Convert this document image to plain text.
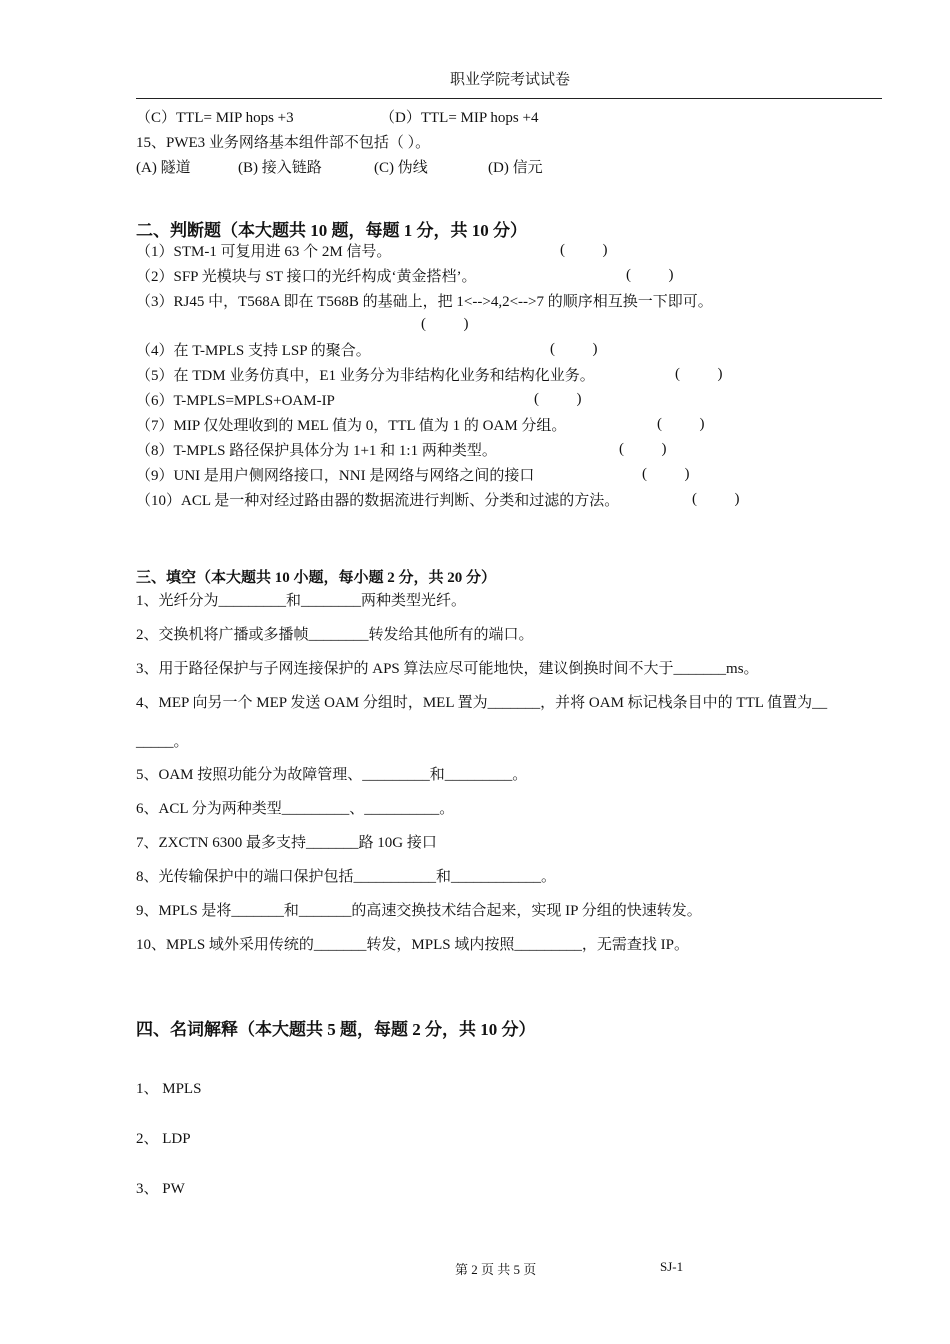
职业学院考试试卷
（C）TTL= MIP hops +3	（D）TTL= MIP hops +4
15、PWE3 业务网络基本组件部不包括（ ）。
(A) 隧道	(B) 接入链路	(C) 伪线	(D) 信元
二、判断题（本大题共 10 题，每题 1 分，共 10 分）
（1）STM-1 可复用进 63 个 2M 信号。	(          )
（2）SFP 光模块与 ST 接口的光纤构成‘黄金搭档’。	(          )
（3）RJ45 中，T568A 即在 T568B 的基础上，把 1<-->4,2<-->7 的顺序相互换一下即可。
(          )
（4）在 T-MPLS 支持 LSP 的聚合。	(          )
（5）在 TDM 业务仿真中，E1 业务分为非结构化业务和结构化业务。	(          )
（6）T-MPLS=MPLS+OAM-IP	(          )
（7）MIP 仅处理收到的 MEL 值为 0，TTL 值为 1 的 OAM 分组。	(          )
（8）T-MPLS 路径保护具体分为 1+1 和 1:1 两种类型。	(          )
（9）UNI 是用户侧网络接口，NNI 是网络与网络之间的接口	(          )
（10）ACL 是一种对经过路由器的数据流进行判断、分类和过滤的方法。	(          )
三、填空（本大题共 10 小题，每小题 2 分，共 20 分）
1、光纤分为_________和________两种类型光纤。
2、交换机将广播或多播帧________转发给其他所有的端口。
3、用于路径保护与子网连接保护的 APS 算法应尽可能地快，建议倒换时间不大于_______ms。
4、MEP 向另一个 MEP 发送 OAM 分组时，MEL 置为_______，并将 OAM 标记栈条目中的 TTL 值置为__
_____。
5、OAM 按照功能分为故障管理、_________和_________。
6、ACL 分为两种类型_________、__________。
7、ZXCTN 6300 最多支持_______路 10G 接口
8、光传输保护中的端口保护包括___________和____________。
9、MPLS 是将_______和_______的高速交换技术结合起来，实现 IP 分组的快速转发。
10、MPLS 域外采用传统的_______转发，MPLS 域内按照_________，无需查找 IP。
四、名词解释（本大题共 5 题，每题 2 分，共 10 分）
1、 MPLS
2、 LDP
3、 PW
第 2 页 共 5 页	SJ-1
